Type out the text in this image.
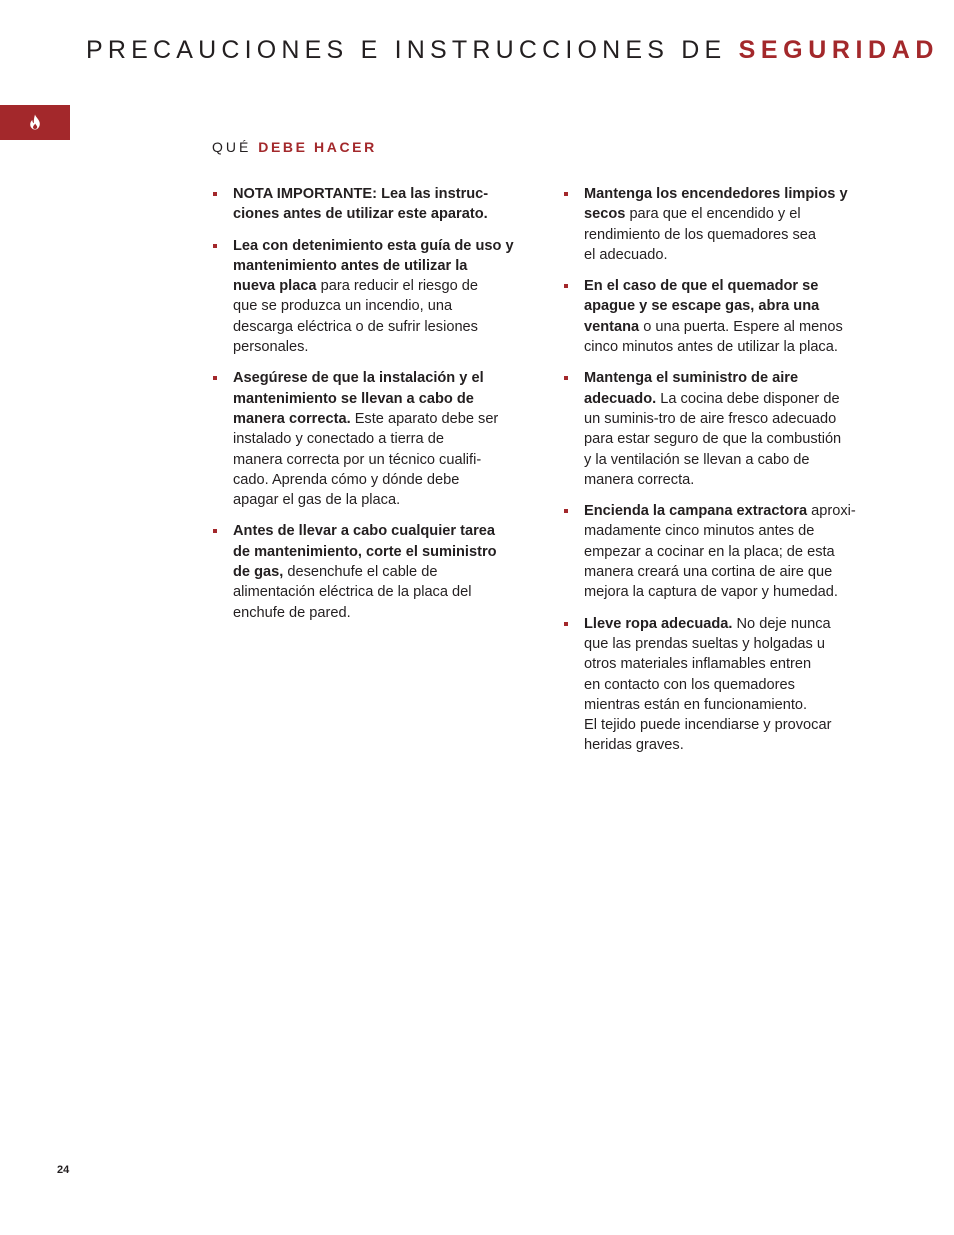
PRECAUCIONES E INSTRUCCIONES DE SEGURIDAD
QUÉ DEBE HACER
NOTA IMPORTANTE: Lea las instruc-
ciones antes de utilizar este aparato.
Lea con detenimiento esta guía de uso y
mantenimiento antes de utilizar la
nueva placa para reducir el riesgo de
que se produzca un incendio, una
descarga eléctrica o de sufrir lesiones
personales.
Asegúrese de que la instalación y el
mantenimiento se llevan a cabo de
manera correcta. Este aparato debe ser
instalado y conectado a tierra de
manera correcta por un técnico cualifi-
cado. Aprenda cómo y dónde debe
apagar el gas de la placa.
Antes de llevar a cabo cualquier tarea
de mantenimiento, corte el suministro
de gas, desenchufe el cable de
alimentación eléctrica de la placa del
enchufe de pared.
Mantenga los encendedores limpios y
secos para que el encendido y el
rendimiento de los quemadores sea
el adecuado.
En el caso de que el quemador se
apague y se escape gas, abra una
ventana o una puerta. Espere al menos
cinco minutos antes de utilizar la placa.
Mantenga el suministro de aire
adecuado. La cocina debe disponer de
un suminis-tro de aire fresco adecuado
para estar seguro de que la combustión
y la ventilación se llevan a cabo de
manera correcta.
Encienda la campana extractora aproxi-
madamente cinco minutos antes de
empezar a cocinar en la placa; de esta
manera creará una cortina de aire que
mejora la captura de vapor y humedad.
Lleve ropa adecuada. No deje nunca
que las prendas sueltas y holgadas u
otros materiales inflamables entren
en contacto con los quemadores
mientras están en funcionamiento.
El tejido puede incendiarse y provocar
heridas graves.
24
